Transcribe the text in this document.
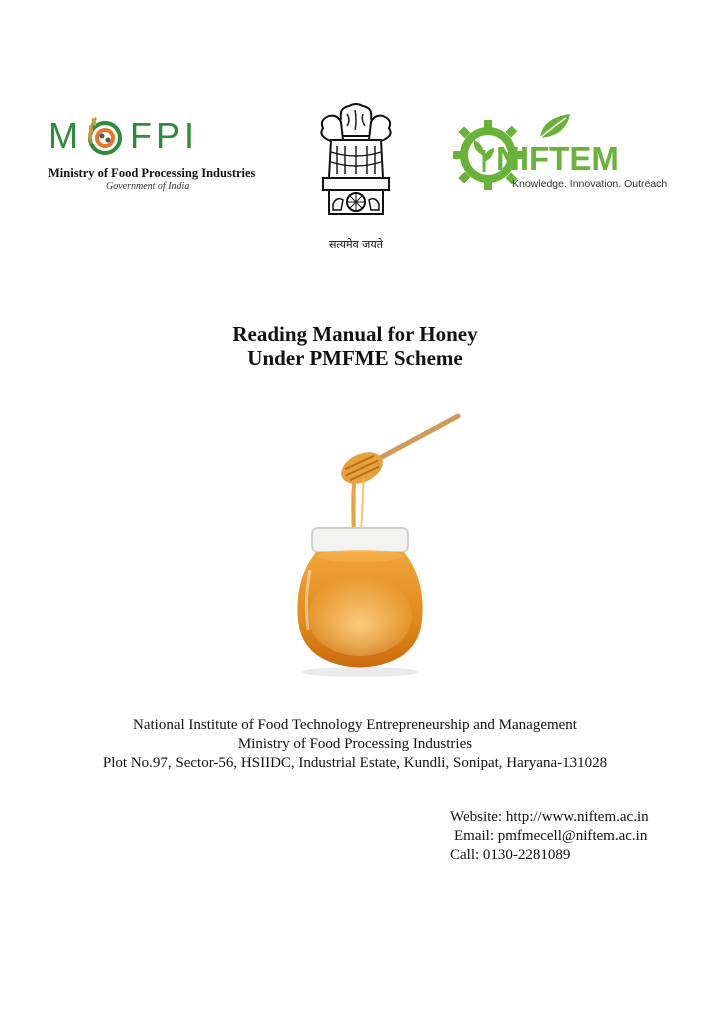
M F P I
Ministry of Food Processing Industries
Government of India
सत्यमेव जयते
NIFTEM
Knowledge. Innovation. Outreach
Reading Manual for Honey
Under PMFME Scheme
National Institute of Food Technology Entrepreneurship and Management
Ministry of Food Processing Industries
Plot No.97, Sector-56, HSIIDC, Industrial Estate, Kundli, Sonipat, Haryana-131028
Website: http://www.niftem.ac.in
Email: pmfmecell@niftem.ac.in
Call: 0130-2281089
